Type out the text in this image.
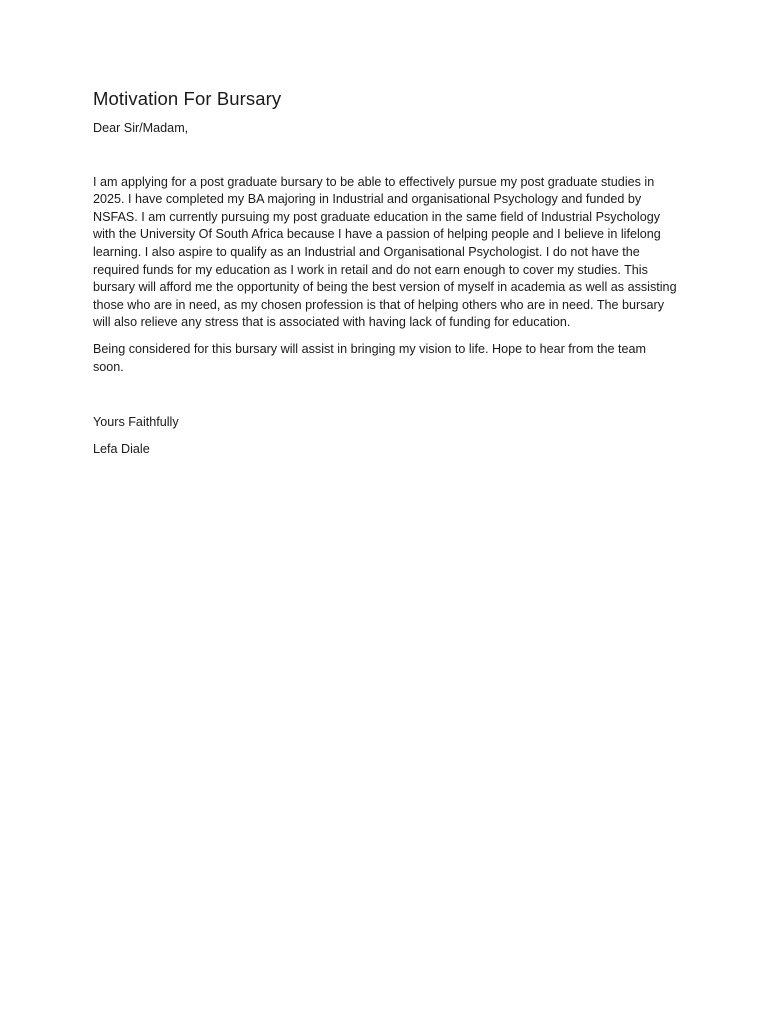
Motivation For Bursary

Dear Sir/Madam,

I am applying for a post graduate bursary to be able to effectively pursue my post graduate studies in 2025. I have completed my BA majoring in Industrial and organisational Psychology and funded by NSFAS. I am currently pursuing my post graduate education in the same field of Industrial Psychology with the University Of South Africa because I have a passion of helping people and I believe in lifelong learning. I also aspire to qualify as an Industrial and Organisational Psychologist. I do not have the required funds for my education as I work in retail and do not earn enough to cover my studies. This bursary will afford me the opportunity of being the best version of myself in academia as well as assisting those who are in need, as my chosen profession is that of helping others who are in need. The bursary will also relieve any stress that is associated with having lack of funding for education.

Being considered for this bursary will assist in bringing my vision to life. Hope to hear from the team soon.

Yours Faithfully

Lefa Diale
